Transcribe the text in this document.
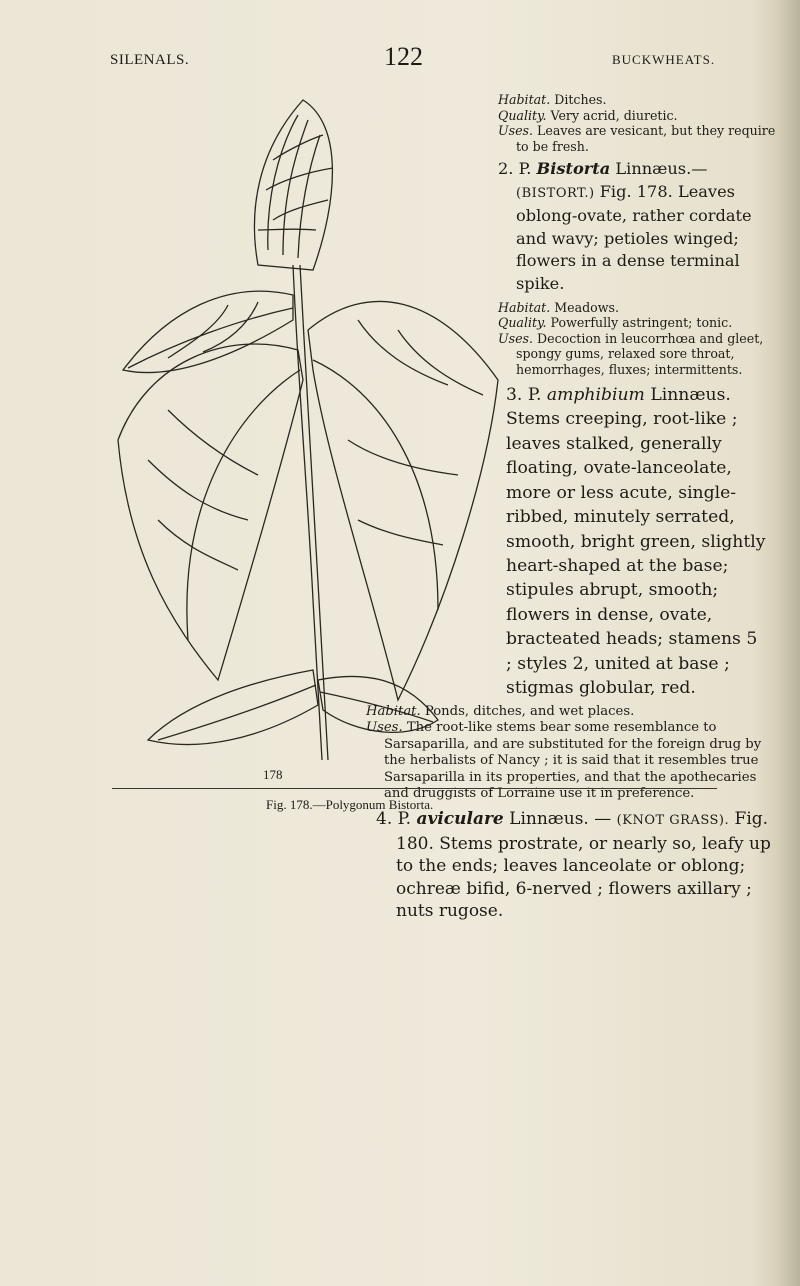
SILENALS.	122	BUCKWHEATS.

Habitat. Ditches.

Quality. Very acrid, diuretic.

Uses. Leaves are vesicant, but they require to be fresh.

2. P. Bistorta Linnæus.— (BISTORT.) Fig. 178. Leaves oblong-ovate, rather cordate and wavy; petioles winged; flowers in a dense terminal spike.

Habitat. Meadows.

Quality. Powerfully astringent; tonic.

Uses. Decoction in leucorrhœa and gleet, spongy gums, relaxed sore throat, hemorrhages, fluxes; intermittents.

3. P. amphibium Linnæus. Stems creeping, root-like ; leaves stalked, generally floating, ovate-lanceolate, more or less acute, single-ribbed, minutely serrated, smooth, bright green, slightly heart-shaped at the base; stipules abrupt, smooth; flowers in dense, ovate, bracteated heads; stamens 5 ; styles 2, united at base ; stigmas globular, red.

Habitat. Ponds, ditches, and wet places.

Uses. The root-like stems bear some resemblance to Sarsaparilla, and are substituted for the foreign drug by the herbalists of Nancy ; it is said that it resembles true Sarsaparilla in its properties, and that the apothecaries and druggists of Lorraine use it in preference.

4. P. aviculare Linnæus. — (KNOT GRASS). Fig. 180. Stems prostrate, or nearly so, leafy up to the ends; leaves lanceolate or oblong; ochreæ bifid, 6-nerved ; flowers axillary ; nuts rugose.

178
Fig. 178.—Polygonum Bistorta.
